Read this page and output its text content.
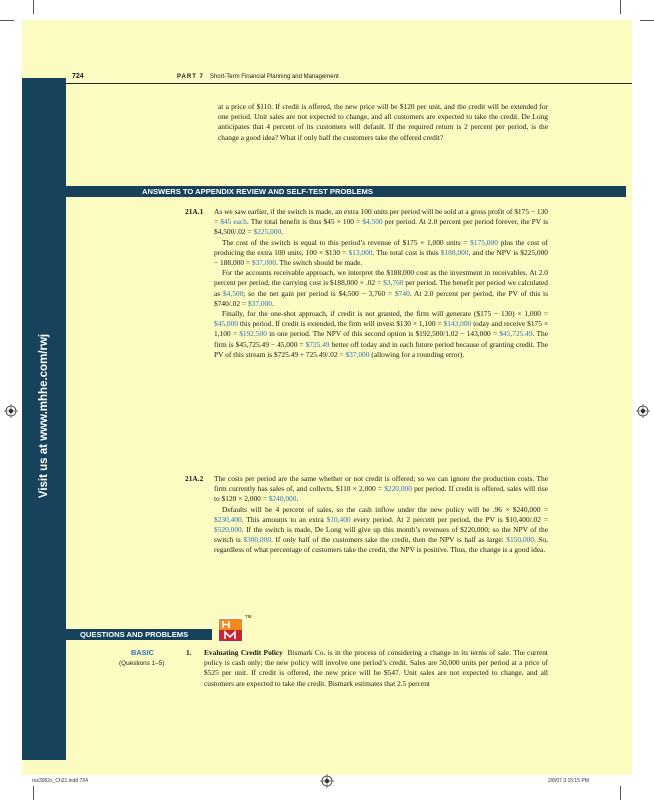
Visit us at www.mhhe.com/rwj
724	PART 7 Short-Term Financial Planning and Management
at a price of $110. If credit is offered, the new price will be $120 per unit, and the credit will be extended for one period. Unit sales are not expected to change, and all customers are expected to take the credit. De Long anticipates that 4 percent of its customers will default. If the required return is 2 percent per period, is the change a good idea? What if only half the customers take the offered credit?
ANSWERS TO APPENDIX REVIEW AND SELF-TEST PROBLEMS
21A.1 As we saw earlier, if the switch is made, an extra 100 units per period will be sold at a gross profit of $175 − 130 = $45 each. The total benefit is thus $45 × 100 = $4,500 per period. At 2.0 percent per period forever, the PV is $4,500/.02 = $225,000.

The cost of the switch is equal to this period’s revenue of $175 × 1,000 units = $175,000 plus the cost of producing the extra 100 units, 100 × $130 = $13,000. The total cost is thus $188,000, and the NPV is $225,000 − 188,000 = $37,000. The switch should be made.

For the accounts receivable approach, we interpret the $188,000 cost as the investment in receivables. At 2.0 percent per period, the carrying cost is $188,000 × .02 = $3,760 per period. The benefit per period we calculated as $4,500; so the net gain per period is $4,500 − 3,760 = $740. At 2.0 percent per period, the PV of this is $740/.02 = $37,000.

Finally, for the one-shot approach, if credit is not granted, the firm will generate ($175 − 130) × 1,000 = $45,000 this period. If credit is extended, the firm will invest $130 × 1,100 = $143,000 today and receive $175 × 1,100 = $192,500 in one period. The NPV of this second option is $192,500/1.02 − 143,000 = $45,725.49. The firm is $45,725.49 − 45,000 = $725.49 better off today and in each future period because of granting credit. The PV of this stream is $725.49 + 725.49/.02 = $37,000 (allowing for a rounding error).

21A.2 The costs per period are the same whether or not credit is offered; so we can ignore the production costs. The firm currently has sales of, and collects, $110 × 2,000 = $220,000 per period. If credit is offered, sales will rise to $120 × 2,000 = $240,000.

Defaults will be 4 percent of sales, so the cash inflow under the new policy will be .96 × $240,000 = $230,400. This amounts to an extra $10,400 every period. At 2 percent per period, the PV is $10,400/.02 = $520,000. If the switch is made, De Long will give up this month’s revenues of $220,000; so the NPV of the switch is $300,000. If only half of the customers take the credit, then the NPV is half as large: $150,000. So, regardless of what percentage of customers take the credit, the NPV is positive. Thus, the change is a good idea.

QUESTIONS AND PROBLEMS
TM
BASIC
(Questions 1–5)
1. Evaluating Credit Policy Bismark Co. is in the process of considering a change in its terms of sale. The current policy is cash only; the new policy will involve one period’s credit. Sales are 50,000 units per period at a price of $525 per unit. If credit is offered, the new price will be $547. Unit sales are not expected to change, and all customers are expected to take the credit. Bismark estimates that 2.5 percent
ros3062x_Ch21.indd 724	2/8/07 3:15:15 PM
